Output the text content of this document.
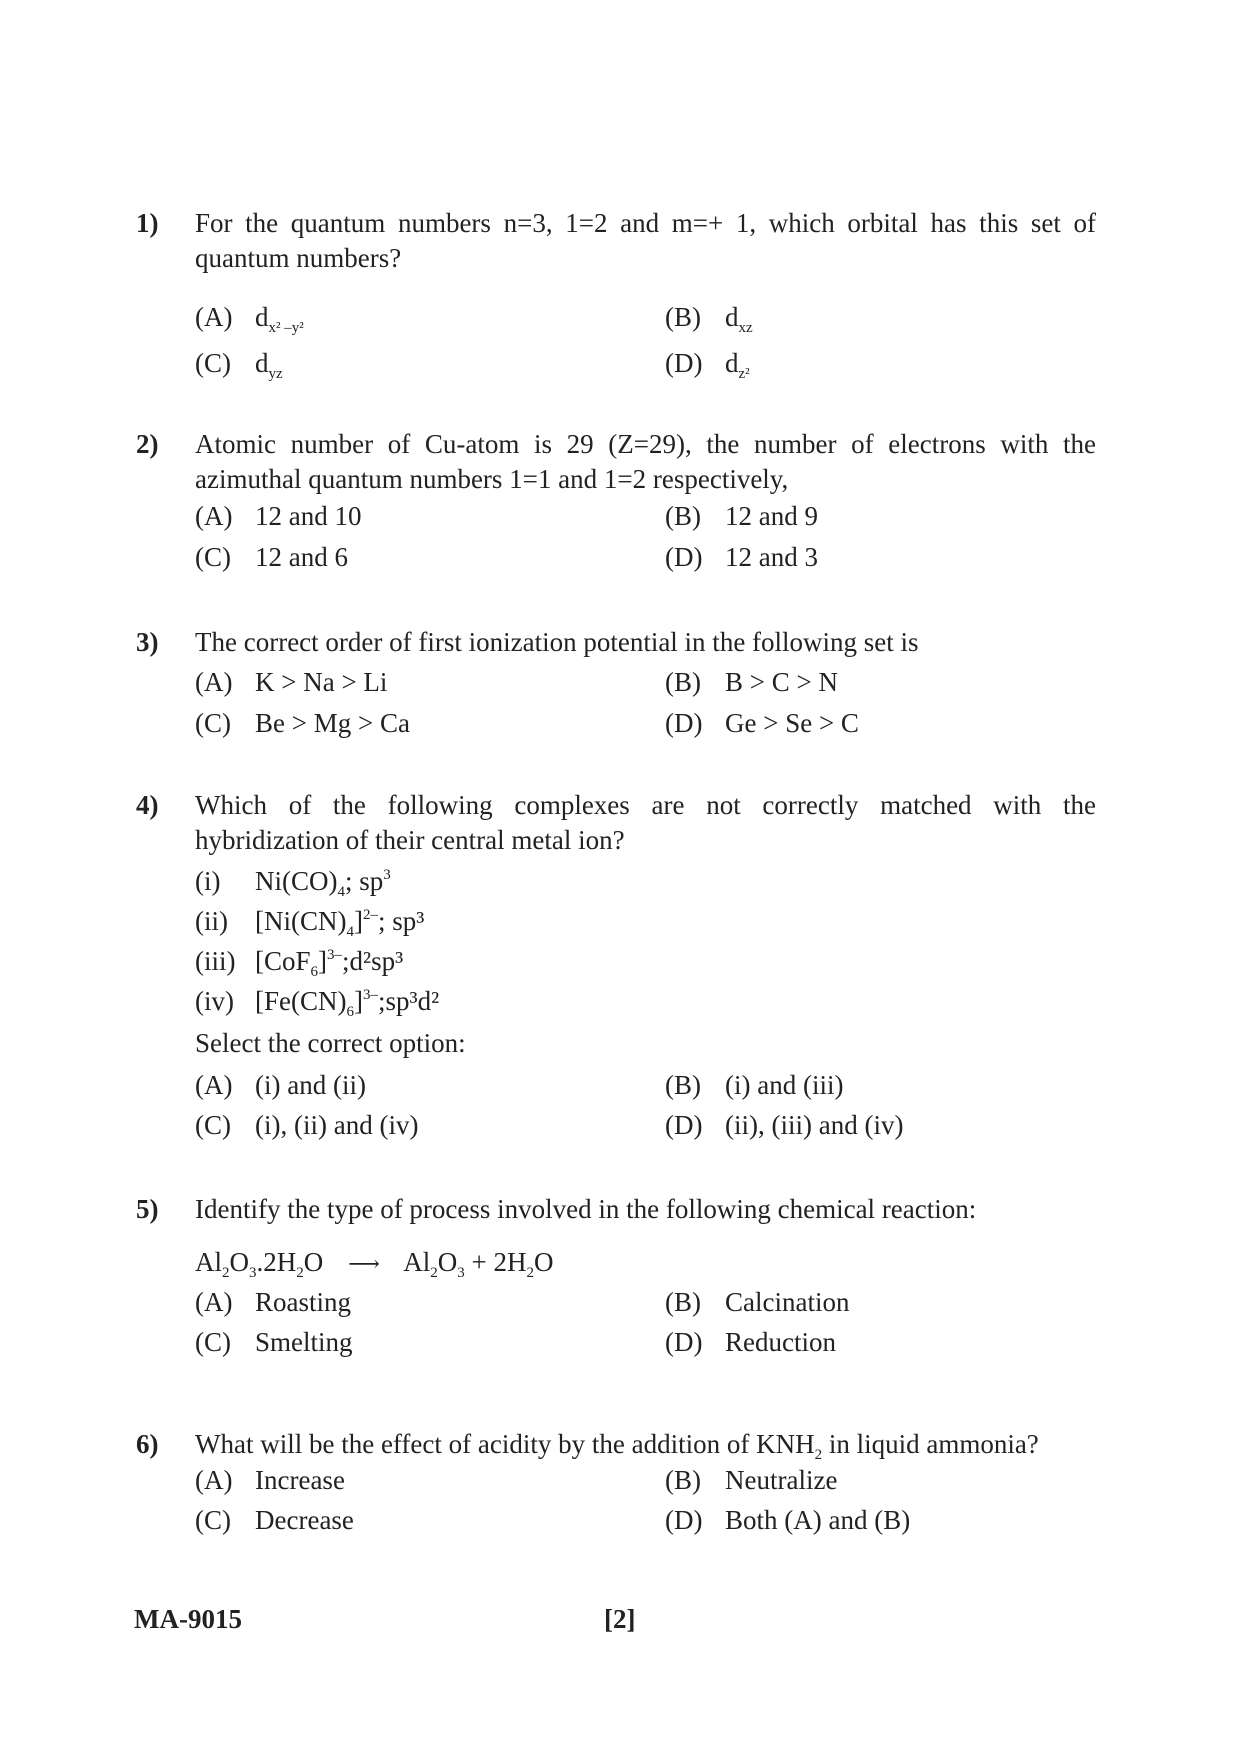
1) For the quantum numbers n=3, 1=2 and m=+ 1, which orbital has this set of quantum numbers?
(A) $d_{x^2 -y^2}$	(B) $d_{xz}$
(C) $d_{yz}$	(D) $d_{z^2}$
2) Atomic number of Cu-atom is 29 (Z=29), the number of electrons with the azimuthal quantum numbers 1=1 and 1=2 respectively,
(A) 12 and 10	(B) 12 and 9
(C) 12 and 6	(D) 12 and 3
3) The correct order of first ionization potential in the following set is
(A) K > Na > Li	(B) B > C > N
(C) Be > Mg > Ca	(D) Ge > Se > C
4) Which of the following complexes are not correctly matched with the hybridization of their central metal ion?
(i) $Ni(CO)_4$; $sp^3$
(ii) $[Ni(CN)_4]^{2-}$; sp³
(iii) $[CoF_6]^{3-};d^2sp^3$
(iv) $[Fe(CN)_6]^{3-};sp^3d^2$
Select the correct option:
(A) (i) and (ii)	(B) (i) and (iii)
(C) (i), (ii) and (iv)	(D) (ii), (iii) and (iv)
5) Identify the type of process involved in the following chemical reaction:
$Al_2O_3.2H_2O$ ⟶ $Al_2O_3 + 2H_2O$
(A) Roasting	(B) Calcination
(C) Smelting	(D) Reduction
6) What will be the effect of acidity by the addition of $KNH_2$ in liquid ammonia?
(A) Increase	(B) Neutralize
(C) Decrease	(D) Both (A) and (B)
MA-9015	[2]
